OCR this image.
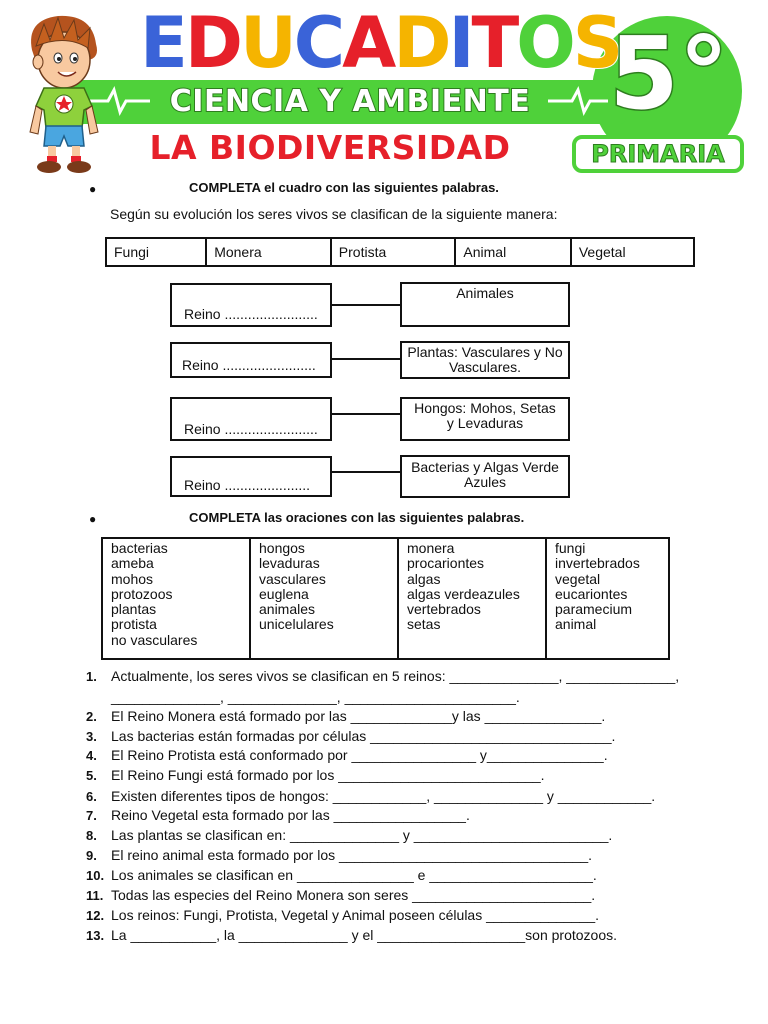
EDUCADITOS
CIENCIA Y AMBIENTE 5°
PRIMARIA
LA BIODIVERSIDAD
●	COMPLETA el cuadro con las siguientes palabras.
Según su evolución los seres vivos se clasifican de la siguiente manera:
Fungi	Monera	Protista	Animal	Vegetal
Reino ........................
Animales
Reino ........................
Plantas: Vasculares y No Vasculares.
Reino ........................
Hongos: Mohos, Setas y Levaduras
Reino ......................
Bacterias y Algas Verde Azules
●	COMPLETA las oraciones con las siguientes palabras.
bacterias
ameba
mohos
protozoos
plantas
protista
no vasculares

hongos
levaduras
vasculares
euglena
animales
unicelulares

monera
procariontes
algas
algas verdeazules
vertebrados
setas

fungi
invertebrados
vegetal
eucariontes
paramecium
animal
1. Actualmente, los seres vivos se clasifican en 5 reinos: ______________, ______________,
______________, ______________, ______________________.
2. El Reino Monera está formado por las _____________y las _______________.
3. Las bacterias están formadas por células _______________________________.
4. El Reino Protista está conformado por ________________ y_______________.
5. El Reino Fungi está formado por los __________________________.
6. Existen diferentes tipos de hongos: ____________, ______________ y ____________.
7. Reino Vegetal esta formado por las _________________.
8. Las plantas se clasifican en: ______________ y _________________________.
9. El reino animal esta formado por los ________________________________.
10. Los animales se clasifican en _______________ e _____________________.
11. Todas las especies del Reino Monera son seres _______________________.
12. Los reinos: Fungi, Protista, Vegetal y Animal poseen células ______________.
13. La ___________, la ______________ y el ___________________son protozoos.
